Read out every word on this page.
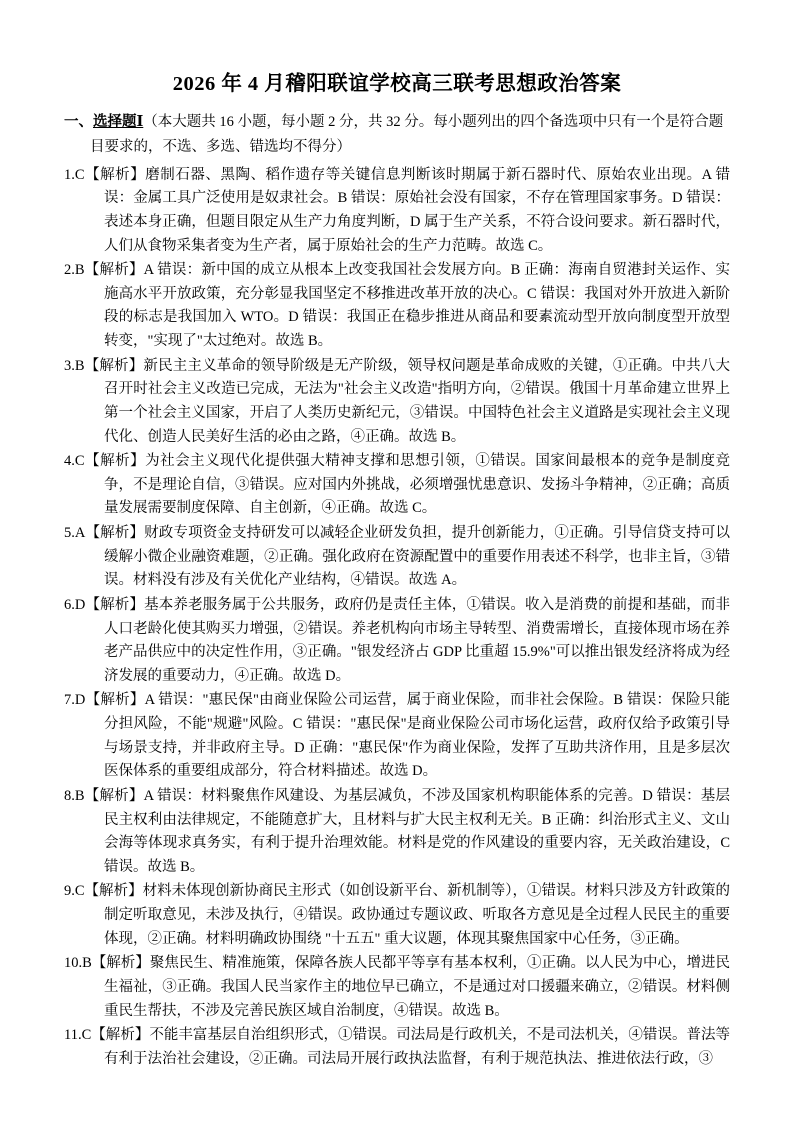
2026 年 4 月稽阳联谊学校高三联考思想政治答案
一、选择题Ⅰ（本大题共 16 小题，每小题 2 分，共 32 分。每小题列出的四个备选项中只有一个是符合题
目要求的，不选、多选、错选均不得分）
1.C【解析】磨制石器、黑陶、稻作遗存等关键信息判断该时期属于新石器时代、原始农业出现。A 错误：金属工具广泛使用是奴隶社会。B 错误：原始社会没有国家，不存在管理国家事务。D 错误：表述本身正确，但题目限定从生产力角度判断，D 属于生产关系，不符合设问要求。新石器时代，人们从食物采集者变为生产者，属于原始社会的生产力范畴。故选 C。
2.B【解析】A 错误：新中国的成立从根本上改变我国社会发展方向。B 正确：海南自贸港封关运作、实施高水平开放政策，充分彰显我国坚定不移推进改革开放的决心。C 错误：我国对外开放进入新阶段的标志是我国加入 WTO。D 错误：我国正在稳步推进从商品和要素流动型开放向制度型开放型转变，"实现了"太过绝对。故选 B。
3.B【解析】新民主主义革命的领导阶级是无产阶级，领导权问题是革命成败的关键，①正确。中共八大召开时社会主义改造已完成，无法为"社会主义改造"指明方向，②错误。俄国十月革命建立世界上第一个社会主义国家，开启了人类历史新纪元，③错误。中国特色社会主义道路是实现社会主义现代化、创造人民美好生活的必由之路，④正确。故选 B。
4.C【解析】为社会主义现代化提供强大精神支撑和思想引领，①错误。国家间最根本的竞争是制度竞争，不是理论自信，③错误。应对国内外挑战，必须增强忧患意识、发扬斗争精神，②正确；高质量发展需要制度保障、自主创新，④正确。故选 C。
5.A【解析】财政专项资金支持研发可以减轻企业研发负担，提升创新能力，①正确。引导信贷支持可以缓解小微企业融资难题，②正确。强化政府在资源配置中的重要作用表述不科学，也非主旨，③错误。材料没有涉及有关优化产业结构，④错误。故选 A。
6.D【解析】基本养老服务属于公共服务，政府仍是责任主体，①错误。收入是消费的前提和基础，而非人口老龄化使其购买力增强，②错误。养老机构向市场主导转型、消费需增长，直接体现市场在养老产品供应中的决定性作用，③正确。"银发经济占 GDP 比重超 15.9%"可以推出银发经济将成为经济发展的重要动力，④正确。故选 D。
7.D【解析】A 错误："惠民保"由商业保险公司运营，属于商业保险，而非社会保险。B 错误：保险只能分担风险，不能"规避"风险。C 错误："惠民保"是商业保险公司市场化运营，政府仅给予政策引导与场景支持，并非政府主导。D 正确："惠民保"作为商业保险，发挥了互助共济作用，且是多层次医保体系的重要组成部分，符合材料描述。故选 D。
8.B【解析】A 错误：材料聚焦作风建设、为基层减负，不涉及国家机构职能体系的完善。D 错误：基层民主权利由法律规定，不能随意扩大，且材料与扩大民主权利无关。B 正确：纠治形式主义、文山会海等体现求真务实，有利于提升治理效能。材料是党的作风建设的重要内容，无关政治建设，C 错误。故选 B。
9.C【解析】材料未体现创新协商民主形式（如创设新平台、新机制等），①错误。材料只涉及方针政策的制定听取意见，未涉及执行，④错误。政协通过专题议政、听取各方意见是全过程人民民主的重要体现，②正确。材料明确政协围绕 "十五五" 重大议题，体现其聚焦国家中心任务，③正确。
10.B【解析】聚焦民生、精准施策，保障各族人民都平等享有基本权利，①正确。以人民为中心，增进民生福祉，③正确。我国人民当家作主的地位早已确立，不是通过对口援疆来确立，②错误。材料侧重民生帮扶，不涉及完善民族区域自治制度，④错误。故选 B。
11.C【解析】不能丰富基层自治组织形式，①错误。司法局是行政机关，不是司法机关，④错误。普法等有利于法治社会建设，②正确。司法局开展行政执法监督，有利于规范执法、推进依法行政，③
